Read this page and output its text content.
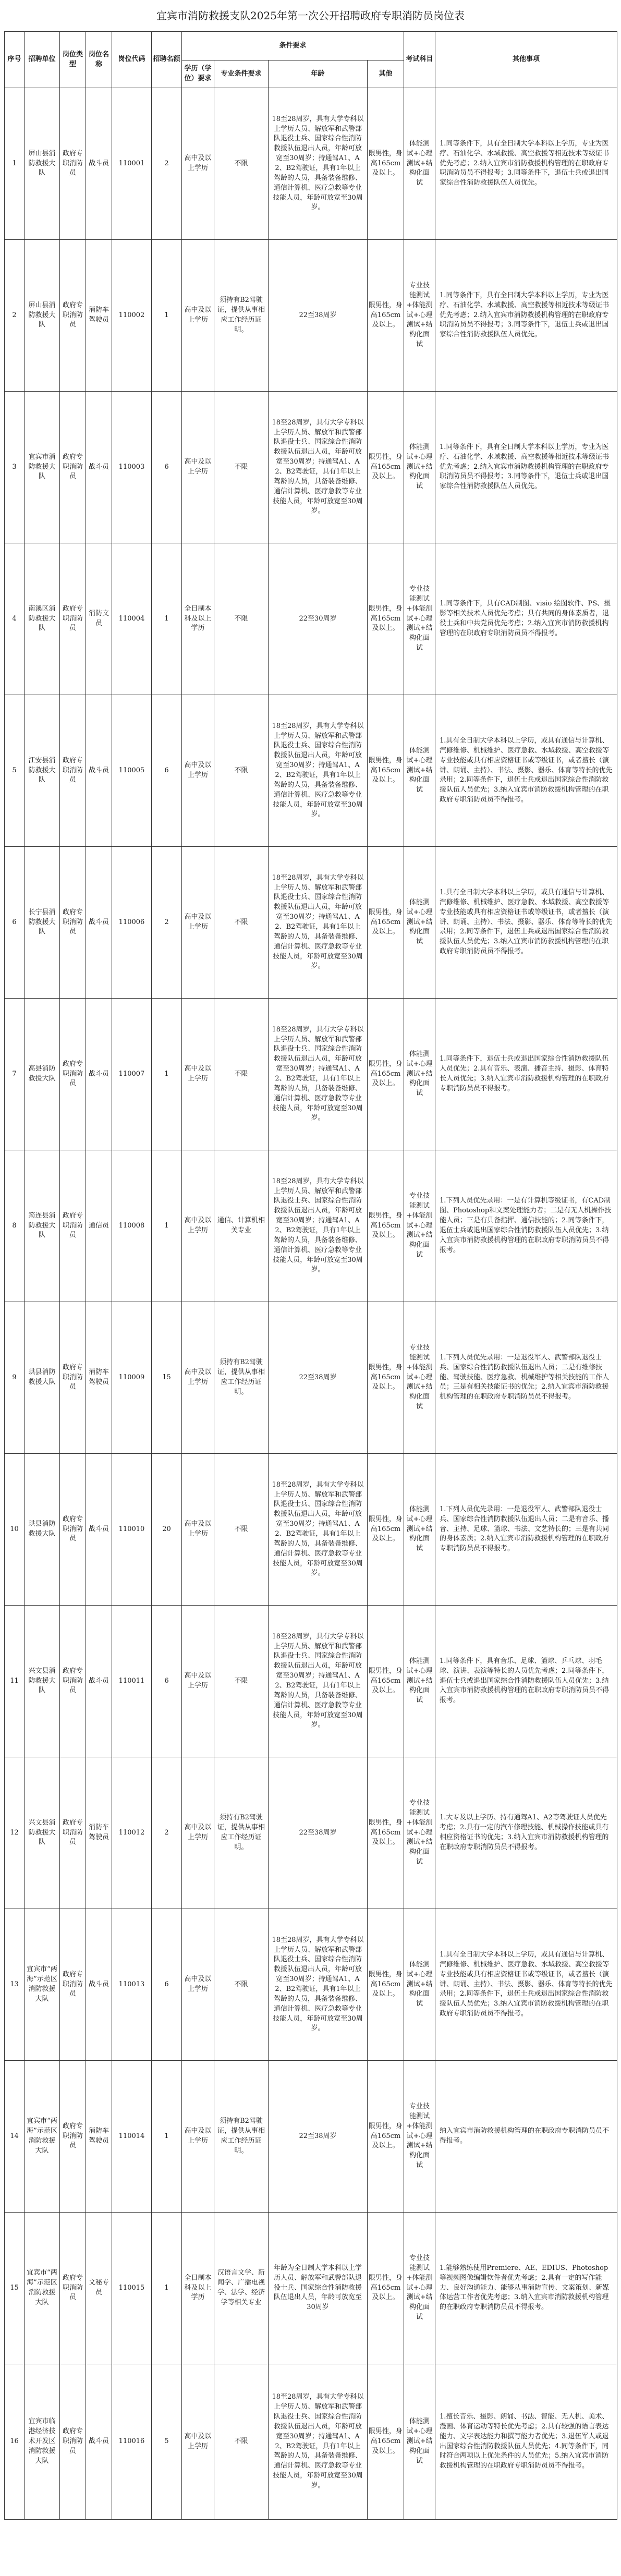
宜宾市消防救援支队2025年第一次公开招聘政府专职消防员岗位表
序号	招聘单位	岗位类型	岗位名称	岗位代码	招聘名额	条件要求				考试科目	其他事项
						学历（学位）要求	专业条件要求	年龄	其他		
1	屏山县消防救援大队	政府专职消防员	战斗员	110001	2	高中及以上学历	不限	18至28周岁，具有大学专科以上学历人员、解放军和武警部队退役士兵、国家综合性消防救援队伍退出人员，年龄可放宽至30周岁；持通驾A1、A2、B2驾驶证，具有1年以上驾龄的人员，具备装备维修、通信计算机、医疗急救等专业技能人员，年龄可放宽至30周岁。	限男性，身高165cm及以上。	体能测试+心理测试+结构化面试	1.同等条件下，具有全日制大学本科以上学历，专业为医疗、石油化学、水域救援、高空救援等相近技术等级证书优先考虑；2.纳入宜宾市消防救援机构管理的在职政府专职消防员员不得报考；3.同等条件下，退伍士兵或退出国家综合性消防救援队伍人员优先。
2	屏山县消防救援大队	政府专职消防员	消防车驾驶员	110002	1	高中及以上学历	须持有B2驾驶证，提供从事相应工作经历证明。	22至38周岁	限男性，身高165cm及以上。	专业技能测试+体能测试+心理测试+结构化面试	1.同等条件下，具有全日制大学本科以上学历，专业为医疗、石油化学、水域救援、高空救援等相近技术等级证书优先考虑；2.纳入宜宾市消防救援机构管理的在职政府专职消防员员不得报考；3.同等条件下，退伍士兵或退出国家综合性消防救援队伍人员优先。
3	宜宾市消防救援大队	政府专职消防员	战斗员	110003	6	高中及以上学历	不限	18至28周岁，具有大学专科以上学历人员、解放军和武警部队退役士兵、国家综合性消防救援队伍退出人员，年龄可放宽至30周岁；持通驾A1、A2、B2驾驶证，具有1年以上驾龄的人员，具备装备维修、通信计算机、医疗急救等专业技能人员，年龄可放宽至30周岁。	限男性，身高165cm及以上。	体能测试+心理测试+结构化面试	1.同等条件下，具有全日制大学本科以上学历，专业为医疗、石油化学、水域救援、高空救援等相近技术等级证书优先考虑；2.纳入宜宾市消防救援机构管理的在职政府专职消防员员不得报考；3.同等条件下，退伍士兵或退出国家综合性消防救援队伍人员优先。
4	南溪区消防救援大队	政府专职消防员	消防文员	110004	1	全日制本科及以上学历	不限	22至30周岁	限男性，身高165cm及以上。	专业技能测试+体能测试+心理测试+结构化面试	1.同等条件下，具有CAD制图、visio 绘图软件、PS、摄影等相关技术人员优先考虑；具有共同的身体素质者，退役士兵和中共党员优先考虑；2.纳入宜宾市消防救援机构管理的在职政府专职消防员员不得报考。
5	江安县消防救援大队	政府专职消防员	战斗员	110005	6	高中及以上学历	不限	18至28周岁，具有大学专科以上学历人员、解放军和武警部队退役士兵、国家综合性消防救援队伍退出人员，年龄可放宽至30周岁；持通驾A1、A2、B2驾驶证，具有1年以上驾龄的人员，具备装备维修、通信计算机、医疗急救等专业技能人员，年龄可放宽至30周岁。	限男性，身高165cm及以上。	体能测试+心理测试+结构化面试	1.具有全日制大学本科以上学历，或具有通信与计算机、汽修维修、机械维护、医疗急救、水域救援、高空救援等专业技能或具有相应资格证书或等级证书，或者擅长（演讲、朗诵、主持）、书法、摄影、器乐、体育等特长的优先录用；2.同等条件下，退伍士兵或退出国家综合性消防救援队伍人员优先；3.纳入宜宾市消防救援机构管理的在职政府专职消防员员不得报考。
6	长宁县消防救援大队	政府专职消防员	战斗员	110006	2	高中及以上学历	不限	18至28周岁，具有大学专科以上学历人员、解放军和武警部队退役士兵、国家综合性消防救援队伍退出人员，年龄可放宽至30周岁；持通驾A1、A2、B2驾驶证，具有1年以上驾龄的人员，具备装备维修、通信计算机、医疗急救等专业技能人员，年龄可放宽至30周岁。	限男性，身高165cm及以上。	体能测试+心理测试+结构化面试	1.具有全日制大学本科以上学历，或具有通信与计算机、汽修维修、机械维护、医疗急救、水域救援、高空救援等专业技能或具有相应资格证书或等级证书，或者擅长（演讲、朗诵、主持）、书法、摄影、器乐、体育等特长的优先录用；2.同等条件下，退伍士兵或退出国家综合性消防救援队伍人员优先；3.纳入宜宾市消防救援机构管理的在职政府专职消防员员不得报考。
7	高县消防救援大队	政府专职消防员	战斗员	110007	1	高中及以上学历	不限	18至28周岁，具有大学专科以上学历人员、解放军和武警部队退役士兵、国家综合性消防救援队伍退出人员，年龄可放宽至30周岁；持通驾A1、A2、B2驾驶证，具有1年以上驾龄的人员，具备装备维修、通信计算机、医疗急救等专业技能人员，年龄可放宽至30周岁。	限男性，身高165cm及以上。	体能测试+心理测试+结构化面试	1.同等条件下，退伍士兵或退出国家综合性消防救援队伍人员优先；2.具有音乐、表演、播音主持、摄影、体育特长人员优先；3.纳入宜宾市消防救援机构管理的在职政府专职消防员员不得报考。
8	筠连县消防救援大队	政府专职消防员	通信员	110008	1	高中及以上学历	通信、计算机相关专业	18至28周岁，具有大学专科以上学历人员、解放军和武警部队退役士兵、国家综合性消防救援队伍退出人员，年龄可放宽至30周岁；持通驾A1、A2、B2驾驶证，具有1年以上驾龄的人员，具备装备维修、通信计算机、医疗急救等专业技能人员，年龄可放宽至30周岁。	限男性，身高165cm及以上。	专业技能测试+体能测试+心理测试+结构化面试	1.下列人员优先录用：一是有计算机等级证书，有CAD制图、Photoshop和文案处理能力者；二是有无人机操作技能人员；三是有具备指挥、通信技能的；2.同等条件下，退伍士兵或退出国家综合性消防救援队伍人员优先；3.纳入宜宾市消防救援机构管理的在职政府专职消防员员不得报考。
9	珙县消防救援大队	政府专职消防员	消防车驾驶员	110009	15	高中及以上学历	须持有B2驾驶证，提供从事相应工作经历证明。	22至38周岁	限男性，身高165cm及以上。	专业技能测试+体能测试+心理测试+结构化面试	1.下列人员优先录用：一是退役军人、武警部队退役士兵、国家综合性消防救援队伍退出人员；二是有维修技能、驾驶技能、医疗急救、机械维护等相关技能的工作人员；三是有相关技能证书的优先；2.纳入宜宾市消防救援机构管理的在职政府专职消防员员不得报考。
10	珙县消防救援大队	政府专职消防员	战斗员	110010	20	高中及以上学历	不限	18至28周岁，具有大学专科以上学历人员、解放军和武警部队退役士兵、国家综合性消防救援队伍退出人员，年龄可放宽至30周岁；持通驾A1、A2、B2驾驶证，具有1年以上驾龄的人员，具备装备维修、通信计算机、医疗急救等专业技能人员，年龄可放宽至30周岁。	限男性，身高165cm及以上。	体能测试+心理测试+结构化面试	1.下列人员优先录用：一是退役军人、武警部队退役士兵、国家综合性消防救援队伍退出人员；二是有音乐、播音、主持、足球、篮球、书法、文艺特长的；三是有共同的身体素质；2.纳入宜宾市消防救援机构管理的在职政府专职消防员员不得报考。
11	兴文县消防救援大队	政府专职消防员	战斗员	110011	6	高中及以上学历	不限	18至28周岁，具有大学专科以上学历人员、解放军和武警部队退役士兵、国家综合性消防救援队伍退出人员，年龄可放宽至30周岁；持通驾A1、A2、B2驾驶证，具有1年以上驾龄的人员，具备装备维修、通信计算机、医疗急救等专业技能人员，年龄可放宽至30周岁。	限男性，身高165cm及以上。	体能测试+心理测试+结构化面试	1.同等条件下，具有音乐、足球、篮球、乒乓球、羽毛球、演讲、表演等特长的人员优先考虑；2.同等条件下，退伍士兵或退出国家综合性消防救援队伍人员优先；3.纳入宜宾市消防救援机构管理的在职政府专职消防员员不得报考。
12	兴文县消防救援大队	政府专职消防员	消防车驾驶员	110012	2	高中及以上学历	须持有B2驾驶证，提供从事相应工作经历证明。	22至38周岁	限男性，身高165cm及以上。	专业技能测试+体能测试+心理测试+结构化面试	1.大专及以上学历、持有通驾A1、A2等驾驶证人员优先考虑；2.具有一定的汽车修理技能、机械操作技能或具有相应资格证书的优先；3.纳入宜宾市消防救援机构管理的在职政府专职消防员员不得报考。
13	宜宾市“两海”示范区消防救援大队	政府专职消防员	战斗员	110013	6	高中及以上学历	不限	18至28周岁，具有大学专科以上学历人员、解放军和武警部队退役士兵、国家综合性消防救援队伍退出人员，年龄可放宽至30周岁；持通驾A1、A2、B2驾驶证，具有1年以上驾龄的人员，具备装备维修、通信计算机、医疗急救等专业技能人员，年龄可放宽至30周岁。	限男性，身高165cm及以上。	体能测试+心理测试+结构化面试	1.具有全日制大学本科以上学历，或具有通信与计算机、汽修维修、机械维护、医疗急救、水域救援、高空救援等专业技能或具有相应资格证书或等级证书，或者擅长（演讲、朗诵、主持）、书法、摄影、器乐、体育等特长的优先录用；2.同等条件下，退伍士兵或退出国家综合性消防救援队伍人员优先；3.纳入宜宾市消防救援机构管理的在职政府专职消防员员不得报考。
14	宜宾市“两海”示范区消防救援大队	政府专职消防员	消防车驾驶员	110014	1	高中及以上学历	须持有B2驾驶证，提供从事相应工作经历证明。	22至38周岁	限男性，身高165cm及以上。	专业技能测试+体能测试+心理测试+结构化面试	纳入宜宾市消防救援机构管理的在职政府专职消防员员不得报考。
15	宜宾市“两海”示范区消防救援大队	政府专职消防员	文秘专员	110015	1	全日制本科及以上学历	汉语言文学、新闻学、广播电视学、法学、经济学等相关专业	年龄为全日制大学本科以上学历人员、解放军和武警部队退役士兵、国家综合性消防救援队伍退出人员，年龄可放宽至30周岁	限男性，身高165cm及以上。	专业技能测试+体能测试+心理测试+结构化面试	1.能够熟练使用Premiere、AE、EDIUS、Photoshop等视频图像编辑软件者优先考虑；2.具有一定的写作能力、良好沟通能力、能够从事消防宣传、文案策划、新媒体运营工作者优先考虑；3.纳入宜宾市消防救援机构管理的在职政府专职消防员员不得报考。
16	宜宾市临港经济技术开发区消防救援大队	政府专职消防员	战斗员	110016	5	高中及以上学历	不限	18至28周岁，具有大学专科以上学历人员、解放军和武警部队退役士兵、国家综合性消防救援队伍退出人员，年龄可放宽至30周岁；持通驾A1、A2、B2驾驶证，具有1年以上驾龄的人员，具备装备维修、通信计算机、医疗急救等专业技能人员，年龄可放宽至30周岁。	限男性，身高165cm及以上。	体能测试+心理测试+结构化面试	1.擅长音乐、摄影、朗诵、书法、智能、无人机、美术、漫画、体育运动等特长优先考虑；2.具有较强的语言表达能力、文字表达能力和撰写能力者优先；3.退伍军人或退出国家综合性消防救援队伍人员优先；4.同等条件下，同时符合两项以上优先条件的人员优先；5.纳入宜宾市消防救援机构管理的在职政府专职消防员员不得报考。
